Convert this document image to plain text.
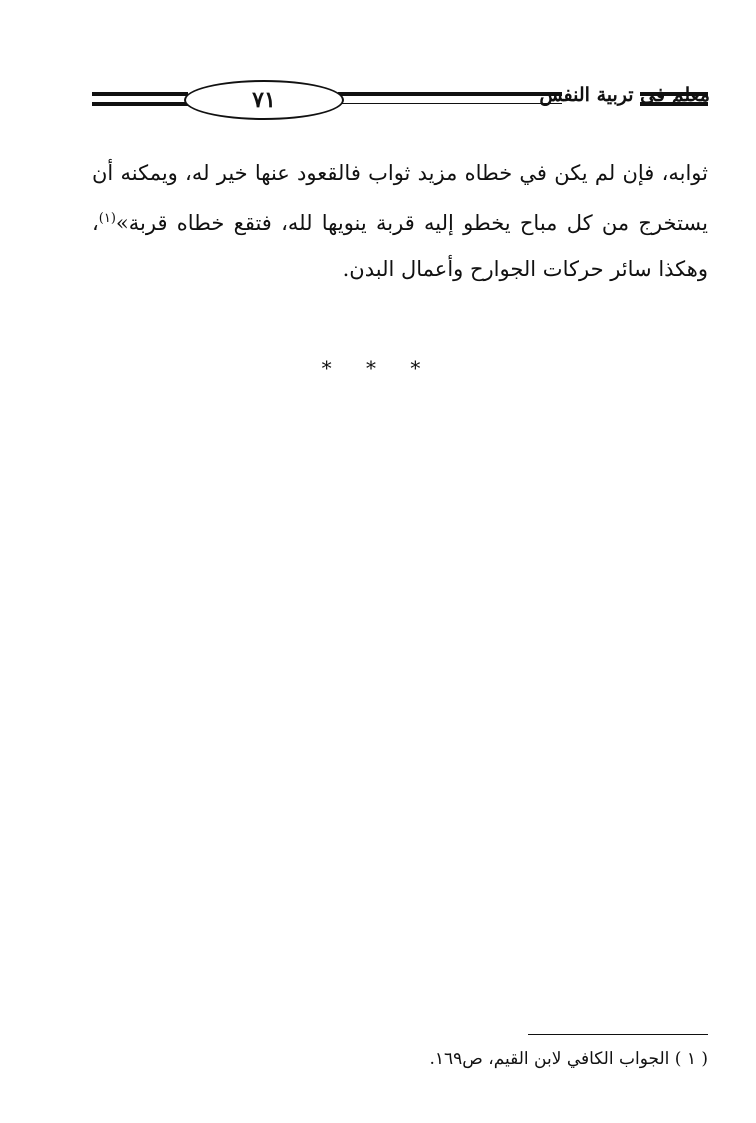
٧١	معلم في تربية النفس

ثوابه، فإن لم يكن في خطاه مزيد ثواب فالقعود عنها خير له، ويمكنه أن يستخرج من كل مباح يخطو إليه قربة ينويها لله، فتقع خطاه قربة»$^{(١)}$، وهكذا سائر حركات الجوارح وأعمال البدن.

* * *
( ١ ) الجواب الكافي لابن القيم، ص١٦٩.
